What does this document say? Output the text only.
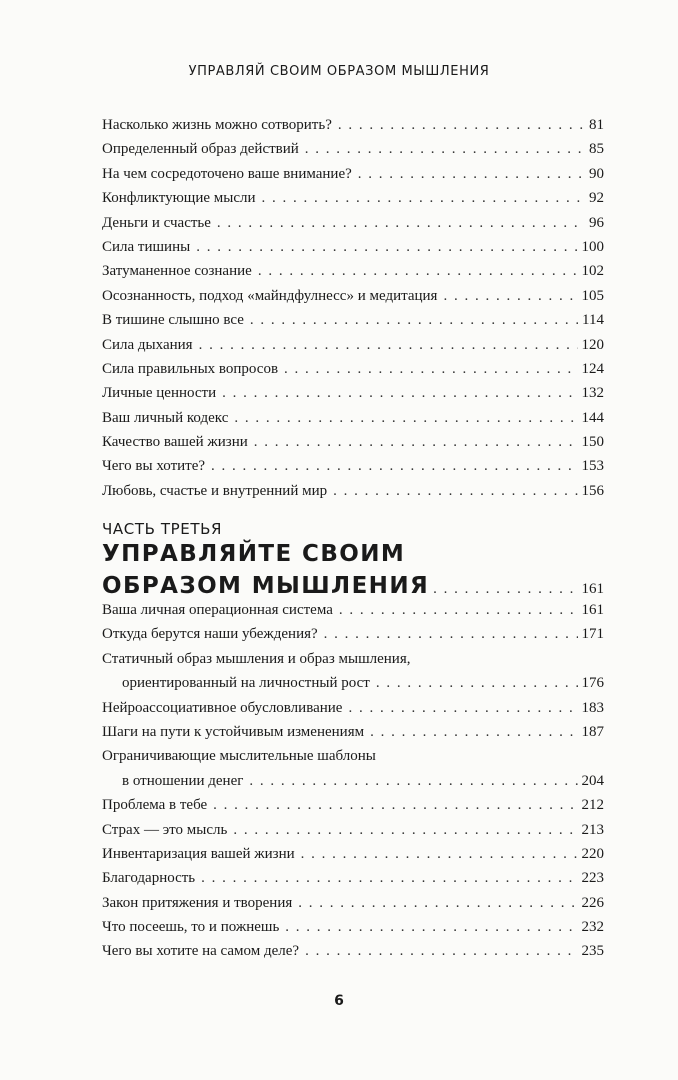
УПРАВЛЯЙ СВОИМ ОБРАЗОМ МЫШЛЕНИЯ
Насколько жизнь можно сотворить? . . .	81
Определенный образ действий . . .	85
На чем сосредоточено ваше внимание? . . .	90
Конфликтующие мысли . . .	92
Деньги и счастье . . .	96
Сила тишины . . .	100
Затуманенное сознание . . .	102
Осознанность, подход «майндфулнесс» и медитация . . .	105
В тишине слышно все . . .	114
Сила дыхания . . .	120
Сила правильных вопросов . . .	124
Личные ценности . . .	132
Ваш личный кодекс . . .	144
Качество вашей жизни . . .	150
Чего вы хотите? . . .	153
Любовь, счастье и внутренний мир . . .	156
ЧАСТЬ ТРЕТЬЯ
УПРАВЛЯЙТЕ СВОИМ
ОБРАЗОМ МЫШЛЕНИЯ . . .	161
Ваша личная операционная система . . .	161
Откуда берутся наши убеждения? . . .	171
Статичный образ мышления и образ мышления,
ориентированный на личностный рост . . .	176
Нейроассоциативное обусловливание . . .	183
Шаги на пути к устойчивым изменениям . . .	187
Ограничивающие мыслительные шаблоны
в отношении денег . . .	204
Проблема в тебе . . .	212
Страх — это мысль . . .	213
Инвентаризация вашей жизни . . .	220
Благодарность . . .	223
Закон притяжения и творения . . .	226
Что посеешь, то и пожнешь . . .	232
Чего вы хотите на самом деле? . . .	235
6
